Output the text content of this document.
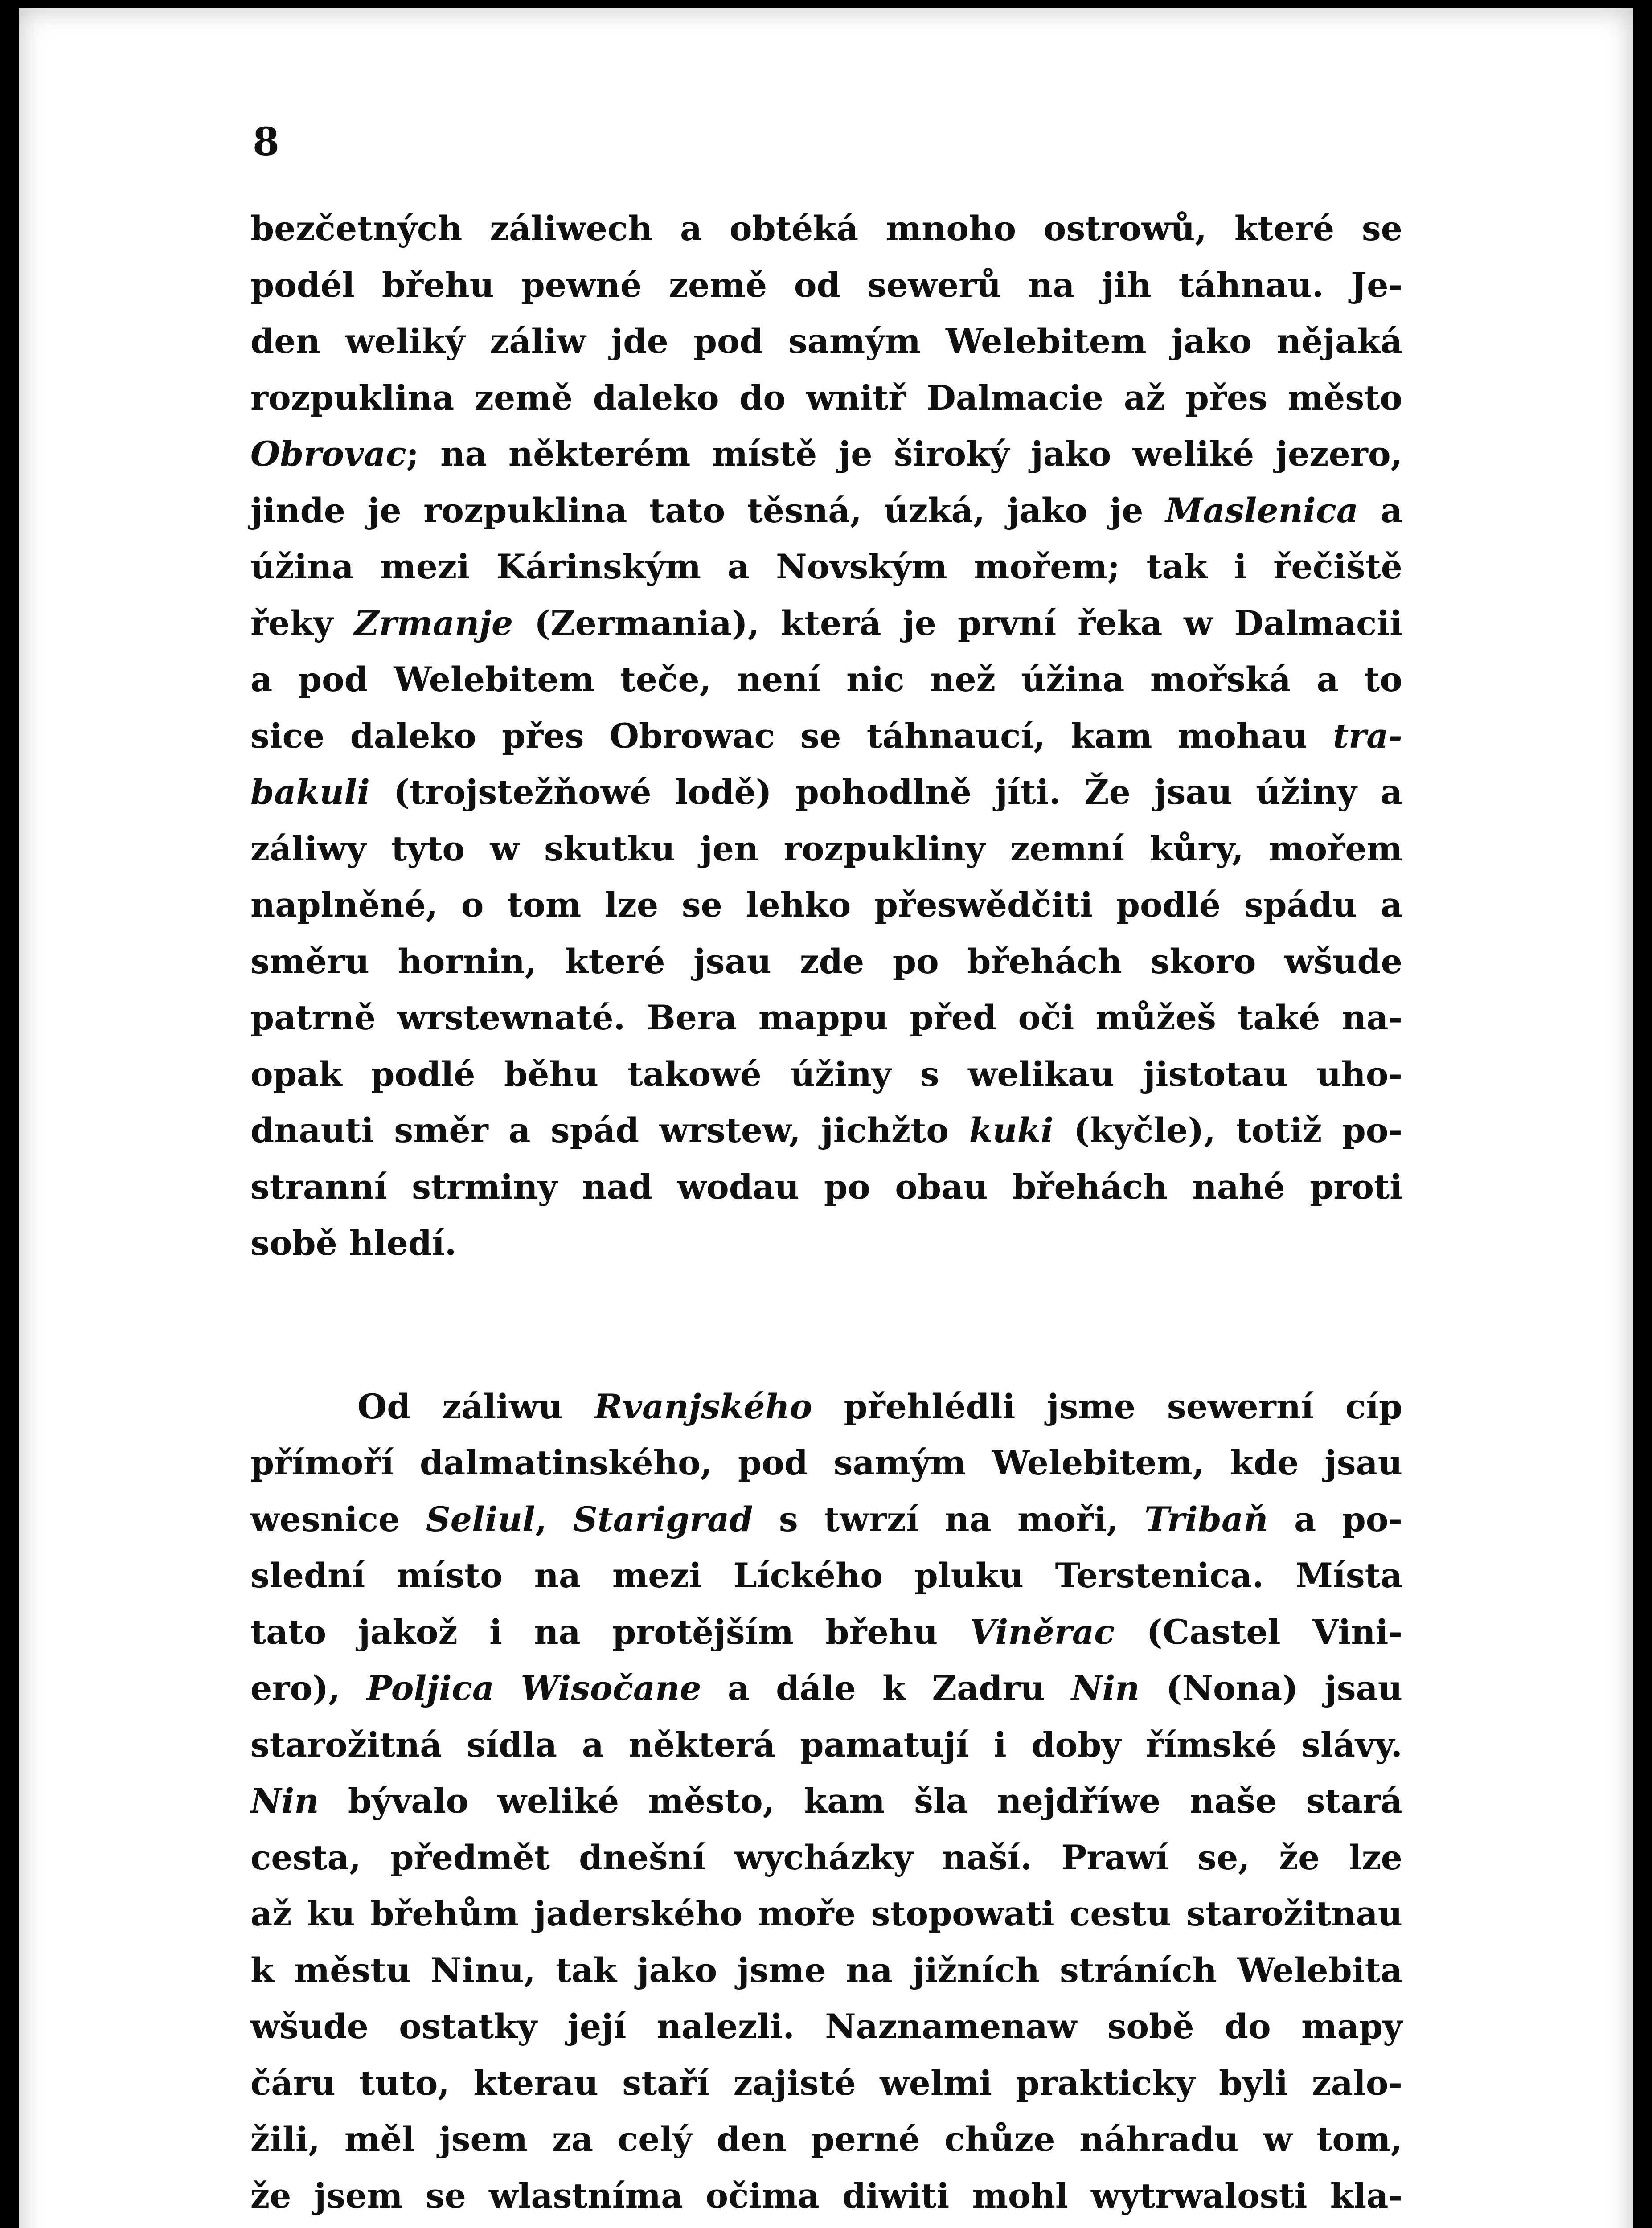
8

bezčetných záliwech a obtéká mnoho ostrowů, které se
podél břehu pewné země od sewerů na jih táhnau. Je-
den weliký záliw jde pod samým Welebitem jako nějaká
rozpuklina země daleko do wnitř Dalmacie až přes město
Obrovac; na některém místě je široký jako weliké jezero,
jinde je rozpuklina tato těsná, úzká, jako je Maslenica a
úžina mezi Kárinským a Novským mořem; tak i řečiště
řeky Zrmanje (Zermania), která je první řeka w Dalmacii
a pod Welebitem teče, není nic než úžina mořská a to
sice daleko přes Obrowac se táhnaucí, kam mohau tra-
bakuli (trojstežňowé lodě) pohodlně jíti. Že jsau úžiny a
záliwy tyto w skutku jen rozpukliny zemní kůry, mořem
naplněné, o tom lze se lehko přeswědčiti podlé spádu a
směru hornin, které jsau zde po břehách skoro wšude
patrně wrstewnaté. Bera mappu před oči můžeš také na-
opak podlé běhu takowé úžiny s welikau jistotau uho-
dnauti směr a spád wrstew, jichžto kuki (kyčle), totiž po-
stranní strminy nad wodau po obau břehách nahé proti
sobě hledí.
Od záliwu Rvanjského přehlédli jsme sewerní cíp
přímoří dalmatinského, pod samým Welebitem, kde jsau
wesnice Seliul, Starigrad s twrzí na moři, Tribaň a po-
slední místo na mezi Líckého pluku Terstenica. Místa
tato jakož i na protějším břehu Viněrac (Castel Vini-
ero), Poljica Wisočane a dále k Zadru Nin (Nona) jsau
starožitná sídla a některá pamatují i doby římské slávy.
Nin bývalo weliké město, kam šla nejdříwe naše stará
cesta, předmět dnešní wycházky naší. Prawí se, že lze
až ku břehům jaderského moře stopowati cestu starožitnau
k městu Ninu, tak jako jsme na jižních stráních Welebita
wšude ostatky její nalezli. Naznamenaw sobě do mapy
čáru tuto, kterau staří zajisté welmi prakticky byli zalo-
žili, měl jsem za celý den perné chůze náhradu w tom,
že jsem se wlastníma očima diwiti mohl wytrwalosti kla-
